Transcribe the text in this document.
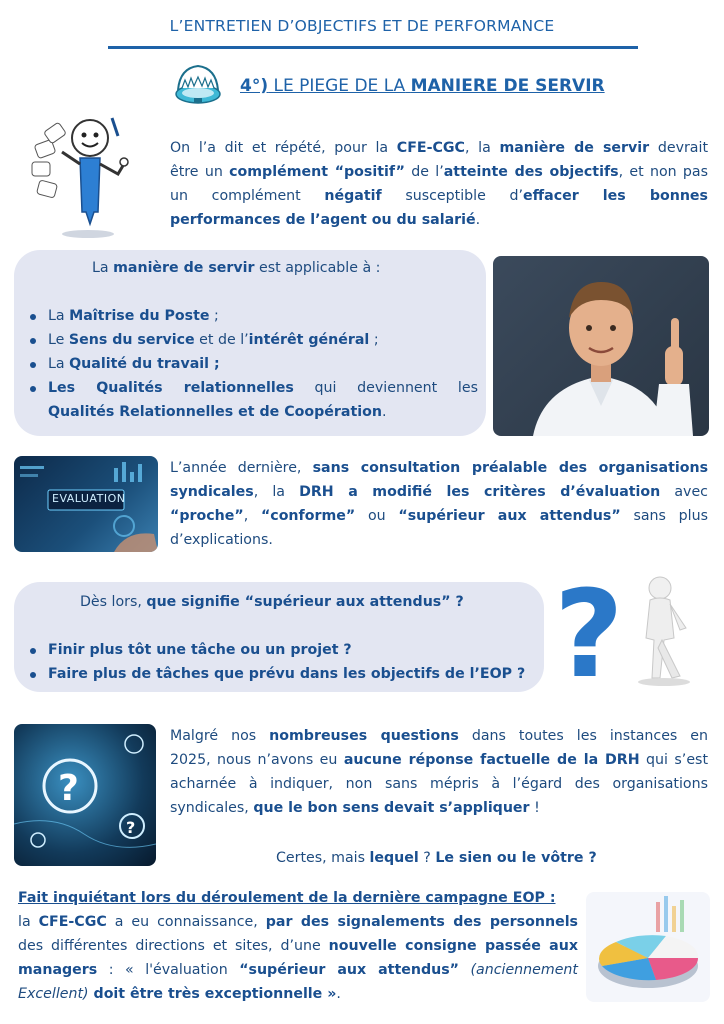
L’ENTRETIEN D’OBJECTIFS ET DE PERFORMANCE
4°) LE PIEGE DE LA MANIERE DE SERVIR
On l’a dit et répété, pour la CFE-CGC, la manière de servir devrait
être un complément “positif” de l’atteinte des objectifs, et non pas
un complément négatif susceptible d’effacer les bonnes
performances de l’agent ou du salarié.
La manière de servir est applicable à :
La Maîtrise du Poste ;
Le Sens du service et de l’intérêt général ;
La Qualité du travail ;
Les Qualités relationnelles qui deviennent les
Qualités Relationnelles et de Coopération.
EVALUATION
L’année dernière, sans consultation préalable des organisations
syndicales, la DRH a modifié les critères d’évaluation avec
“proche”, “conforme” ou “supérieur aux attendus” sans plus
d’explications.
Dès lors, que signifie “supérieur aux attendus” ?
Finir plus tôt une tâche ou un projet ?
Faire plus de tâches que prévu dans les objectifs de l’EOP ? ?
?
?
Malgré nos nombreuses questions dans toutes les instances en
2025, nous n’avons eu aucune réponse factuelle de la DRH qui s’est
acharnée à indiquer, non sans mépris à l’égard des organisations
syndicales, que le bon sens devait s’appliquer !
Certes, mais lequel ? Le sien ou le vôtre ?
Fait inquiétant lors du déroulement de la dernière campagne EOP :
la CFE-CGC a eu connaissance, par des signalements des personnels
des différentes directions et sites, d’une nouvelle consigne passée aux
managers : « l'évaluation “supérieur aux attendus” (anciennement
Excellent) doit être très exceptionnelle ».
